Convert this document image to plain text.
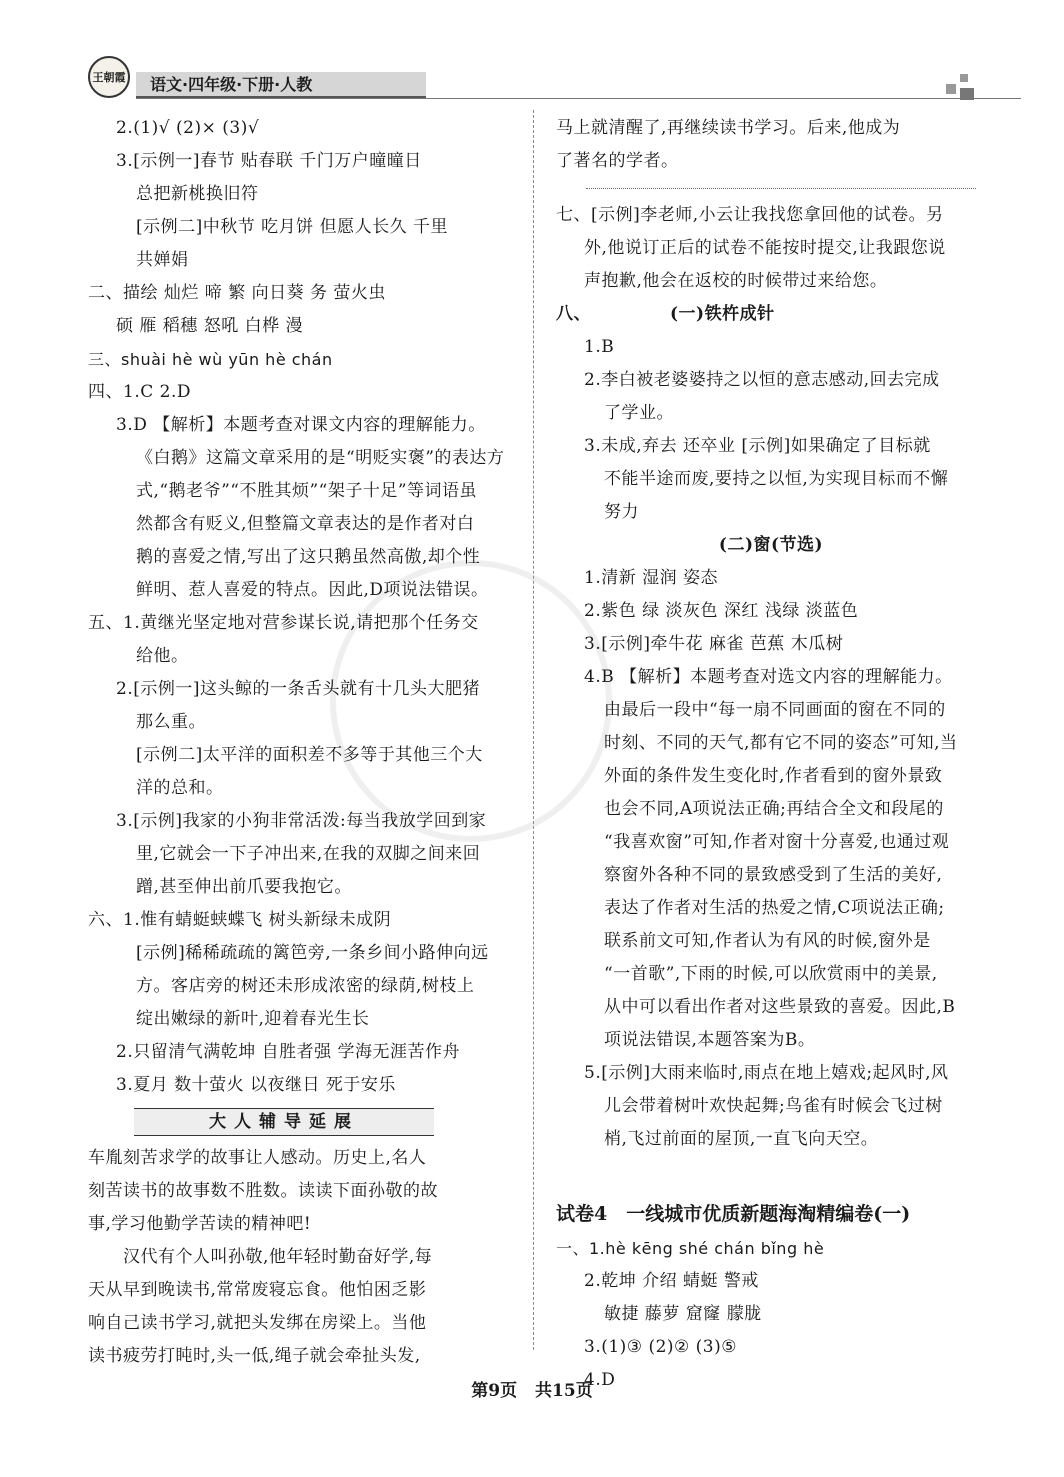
王朝霞	语文·四年级·下册·人教
2.(1)√ (2)× (3)√
3.[示例一]春节 贴春联 千门万户曈曈日
总把新桃换旧符
[示例二]中秋节 吃月饼 但愿人长久 千里
共婵娟
二、描绘 灿烂 啼 繁 向日葵 务 萤火虫
硕 雁 稻穗 怒吼 白桦 漫
三、shuài hè wù yūn hè chán
四、1.C 2.D
3.D 【解析】本题考查对课文内容的理解能力。
《白鹅》这篇文章采用的是“明贬实褒”的表达方
式,“鹅老爷”“不胜其烦”“架子十足”等词语虽
然都含有贬义,但整篇文章表达的是作者对白
鹅的喜爱之情,写出了这只鹅虽然高傲,却个性
鲜明、惹人喜爱的特点。因此,D项说法错误。
五、1.黄继光坚定地对营参谋长说,请把那个任务交
给他。
2.[示例一]这头鲸的一条舌头就有十几头大肥猪
那么重。
[示例二]太平洋的面积差不多等于其他三个大
洋的总和。
3.[示例]我家的小狗非常活泼:每当我放学回到家
里,它就会一下子冲出来,在我的双脚之间来回
蹭,甚至伸出前爪要我抱它。
六、1.惟有蜻蜓蛱蝶飞 树头新绿未成阴
[示例]稀稀疏疏的篱笆旁,一条乡间小路伸向远
方。客店旁的树还未形成浓密的绿荫,树枝上
绽出嫩绿的新叶,迎着春光生长
2.只留清气满乾坤 自胜者强 学海无涯苦作舟
3.夏月 数十萤火 以夜继日 死于安乐
大人辅导延展
车胤刻苦求学的故事让人感动。历史上,名人
刻苦读书的故事数不胜数。读读下面孙敬的故
事,学习他勤学苦读的精神吧!
　　汉代有个人叫孙敬,他年轻时勤奋好学,每
天从早到晚读书,常常废寝忘食。他怕困乏影
响自己读书学习,就把头发绑在房梁上。当他
读书疲劳打盹时,头一低,绳子就会牵扯头发,
马上就清醒了,再继续读书学习。后来,他成为
了著名的学者。
七、[示例]李老师,小云让我找您拿回他的试卷。另
外,他说订正后的试卷不能按时提交,让我跟您说
声抱歉,他会在返校的时候带过来给您。
八、　　　　　(一)铁杵成针
1.B
2.李白被老婆婆持之以恒的意志感动,回去完成
了学业。
3.未成,弃去 还卒业 [示例]如果确定了目标就
不能半途而废,要持之以恒,为实现目标而不懈
努力
(二)窗(节选)
1.清新 湿润 姿态
2.紫色 绿 淡灰色 深红 浅绿 淡蓝色
3.[示例]牵牛花 麻雀 芭蕉 木瓜树
4.B 【解析】本题考查对选文内容的理解能力。
由最后一段中“每一扇不同画面的窗在不同的
时刻、不同的天气,都有它不同的姿态”可知,当
外面的条件发生变化时,作者看到的窗外景致
也会不同,A项说法正确;再结合全文和段尾的
“我喜欢窗”可知,作者对窗十分喜爱,也通过观
察窗外各种不同的景致感受到了生活的美好,
表达了作者对生活的热爱之情,C项说法正确;
联系前文可知,作者认为有风的时候,窗外是
“一首歌”,下雨的时候,可以欣赏雨中的美景,
从中可以看出作者对这些景致的喜爱。因此,B
项说法错误,本题答案为B。
5.[示例]大雨来临时,雨点在地上嬉戏;起风时,风
儿会带着树叶欢快起舞;鸟雀有时候会飞过树
梢,飞过前面的屋顶,一直飞向天空。
试卷4　一线城市优质新题海淘精编卷(一)
一、1.hè kēng shé chán bǐng hè
2.乾坤 介绍 蜻蜓 警戒
敏捷 藤萝 窟窿 朦胧
3.(1)③ (2)② (3)⑤
4.D
第9页 共15页
